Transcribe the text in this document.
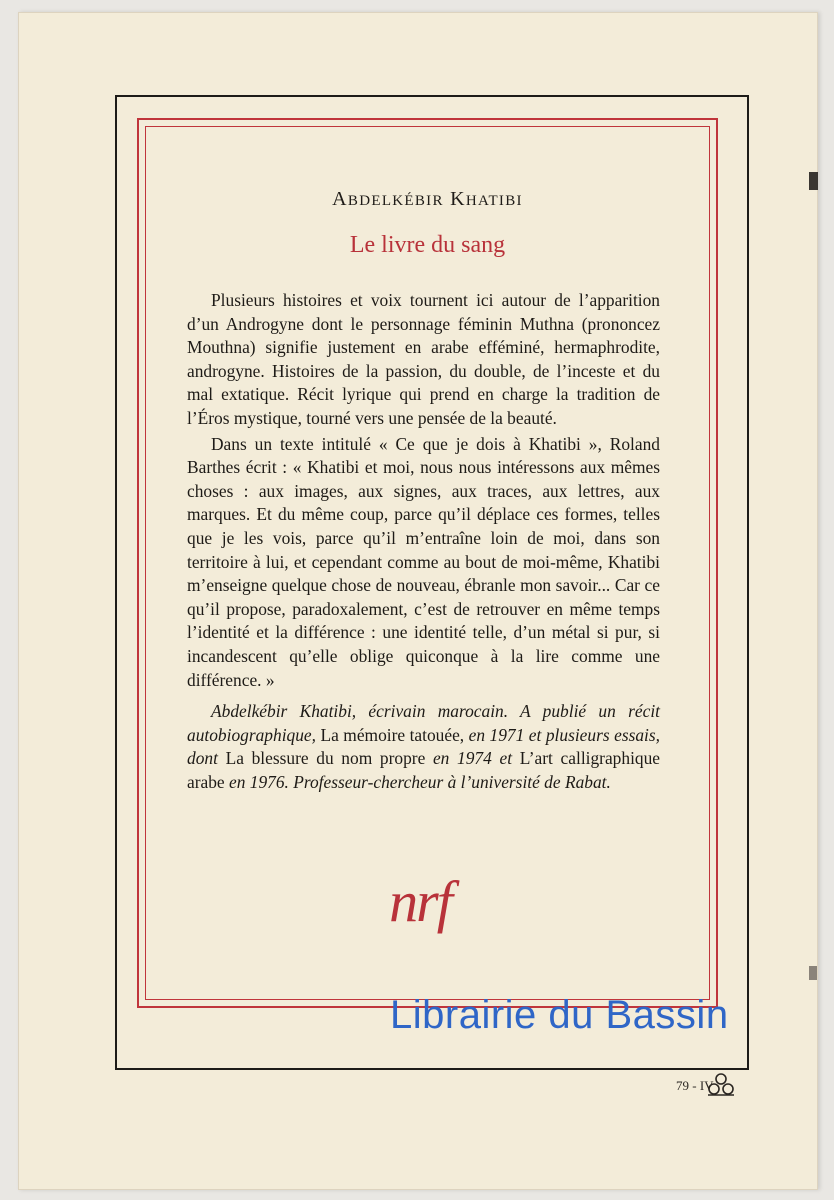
ABDELKÉBIR KHATIBI
Le livre du sang

Plusieurs histoires et voix tournent ici autour de l’apparition d’un Androgyne dont le personnage féminin Muthna (prononcez Mouthna) signifie justement en arabe efféminé, hermaphrodite, androgyne. Histoires de la passion, du double, de l’inceste et du mal extatique. Récit lyrique qui prend en charge la tradition de l’Éros mystique, tourné vers une pensée de la beauté.

Dans un texte intitulé « Ce que je dois à Khatibi », Roland Barthes écrit : « Khatibi et moi, nous nous intéressons aux mêmes choses : aux images, aux signes, aux traces, aux lettres, aux marques. Et du même coup, parce qu’il déplace ces formes, telles que je les vois, parce qu’il m’entraîne loin de moi, dans son territoire à lui, et cependant comme au bout de moi-même, Khatibi m’enseigne quelque chose de nouveau, ébranle mon savoir... Car ce qu’il propose, paradoxalement, c’est de retrouver en même temps l’identité et la différence : une identité telle, d’un métal si pur, si incandescent qu’elle oblige quiconque à la lire comme une différence. »

Abdelkébir Khatibi, écrivain marocain. A publié un récit autobiographique, La mémoire tatouée, en 1971 et plusieurs essais, dont La blessure du nom propre en 1974 et L’art calligraphique arabe en 1976. Professeur-chercheur à l’université de Rabat.

nrf
Librairie du Bassin
79 - IV
